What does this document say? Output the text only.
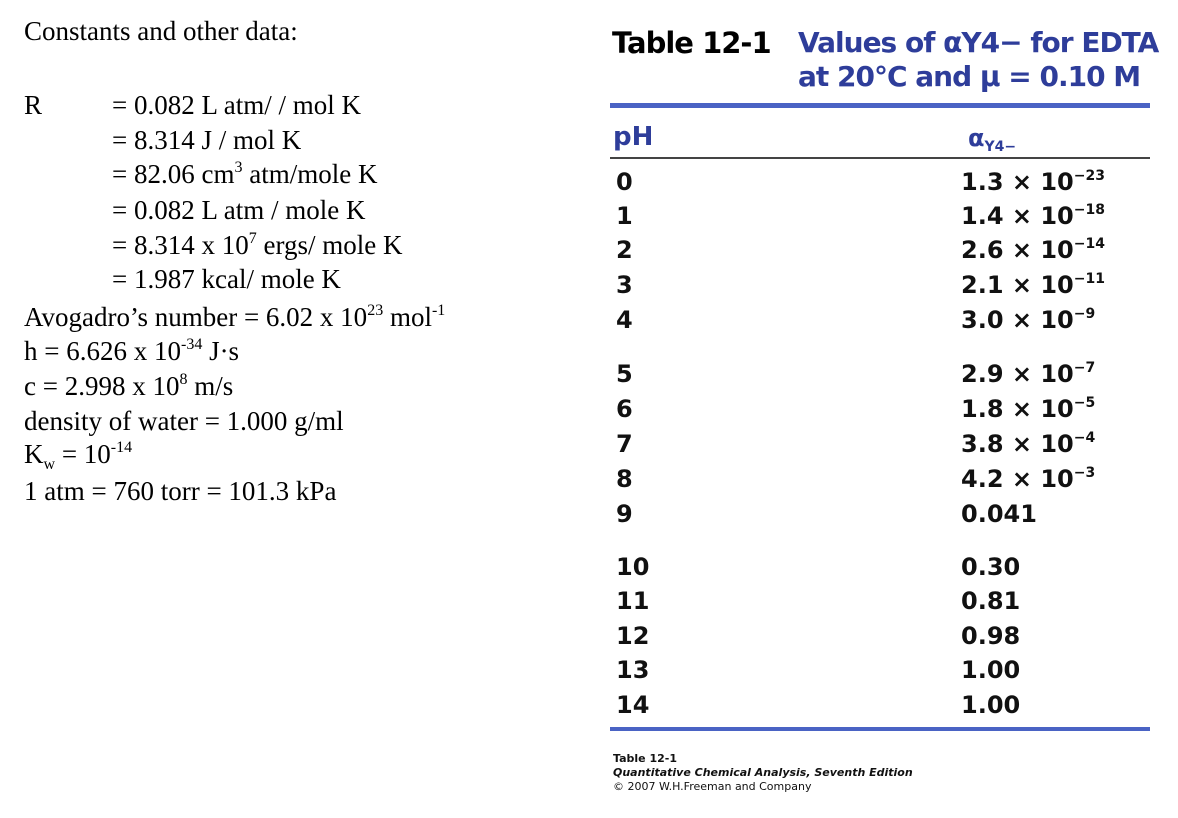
Constants and other data:
R	= 0.082 L atm/ / mol K
= 8.314 J / mol K
= 82.06 $cm^3$ atm/mole K
= 0.082 L atm / mole K
= 8.314 x $10^7$ ergs/ mole K
= 1.987 kcal/ mole K
Avogadro’s number = 6.02 x $10^{23}$ mol$^{-1}$
h = 6.626 x $10^{-34}$ J·s
c = 2.998 x $10^8$ m/s
density of water = 1.000 g/ml
$K_w = 10^{-14}$
1 atm = 760 torr = 101.3 kPa
Table 12-1 Values of αY4− for EDTA
at 20°C and μ = 0.10 M
pH	$\alpha_{Y4-}$
0	$1.3 \times 10^{-23}$
1	$1.4 \times 10^{-18}$
2	$2.6 \times 10^{-14}$
3	$2.1 \times 10^{-11}$
4	$3.0 \times 10^{-9}$
5	$2.9 \times 10^{-7}$
6	$1.8 \times 10^{-5}$
7	$3.8 \times 10^{-4}$
8	$4.2 \times 10^{-3}$
9	0.041
10	0.30
11	0.81
12	0.98
13	1.00
14	1.00
Table 12-1
Quantitative Chemical Analysis, Seventh Edition
© 2007 W.H.Freeman and Company
